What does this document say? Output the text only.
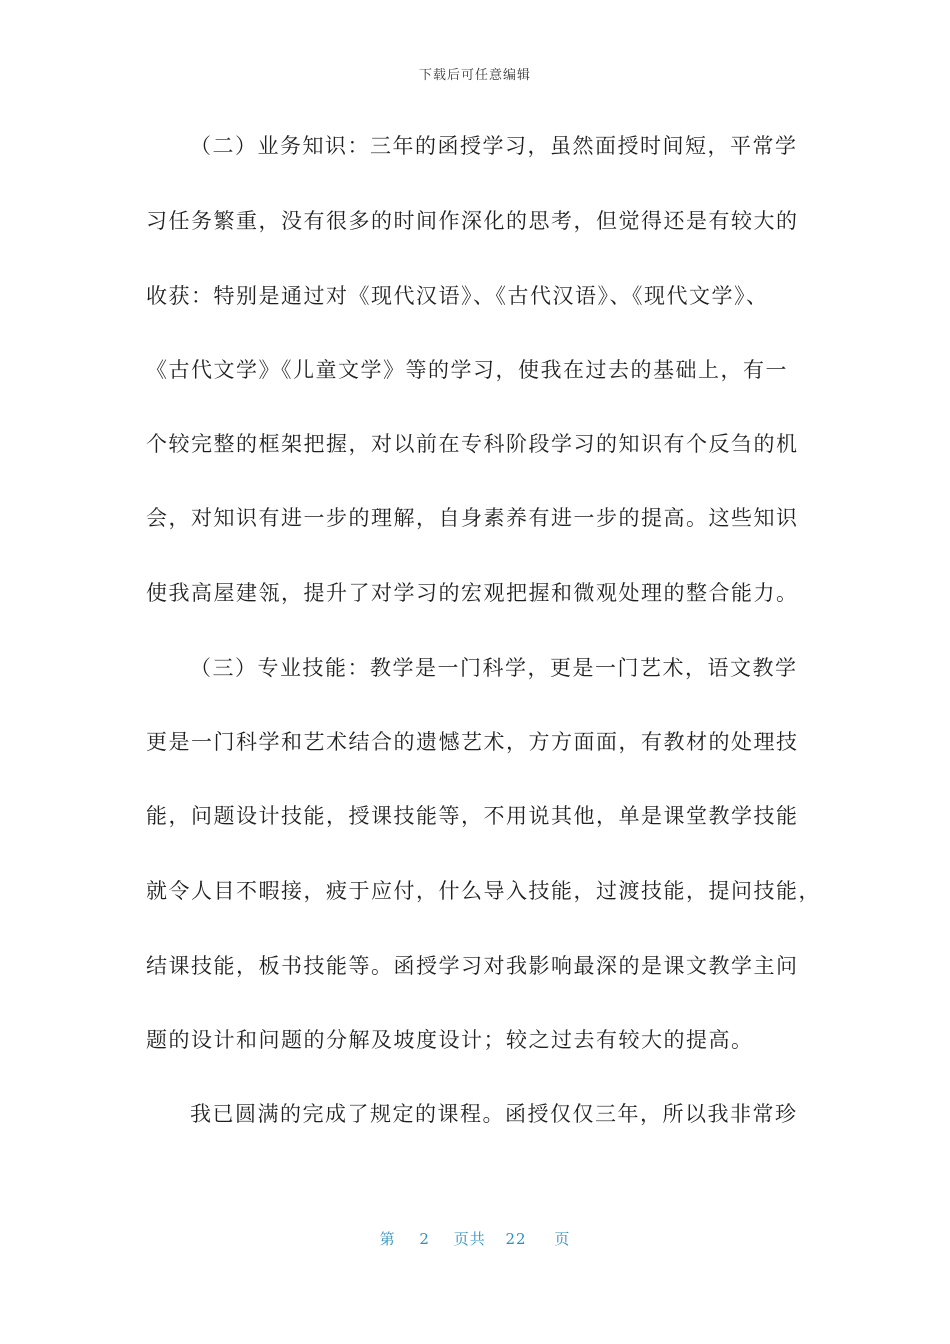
下载后可任意编辑
（二）业务知识：三年的函授学习，虽然面授时间短，平常学
习任务繁重，没有很多的时间作深化的思考，但觉得还是有较大的
收获：特别是通过对《现代汉语》、《古代汉语》、《现代文学》、
《古代文学》《儿童文学》等的学习，使我在过去的基础上，有一
个较完整的框架把握，对以前在专科阶段学习的知识有个反刍的机
会，对知识有进一步的理解，自身素养有进一步的提高。这些知识
使我高屋建瓴，提升了对学习的宏观把握和微观处理的整合能力。
（三）专业技能：教学是一门科学，更是一门艺术，语文教学
更是一门科学和艺术结合的遗憾艺术，方方面面，有教材的处理技
能，问题设计技能，授课技能等，不用说其他，单是课堂教学技能
就令人目不暇接，疲于应付，什么导入技能，过渡技能，提问技能，
结课技能，板书技能等。函授学习对我影响最深的是课文教学主问
题的设计和问题的分解及坡度设计；较之过去有较大的提高。
我已圆满的完成了规定的课程。函授仅仅三年，所以我非常珍
第 2 页共 22 页
